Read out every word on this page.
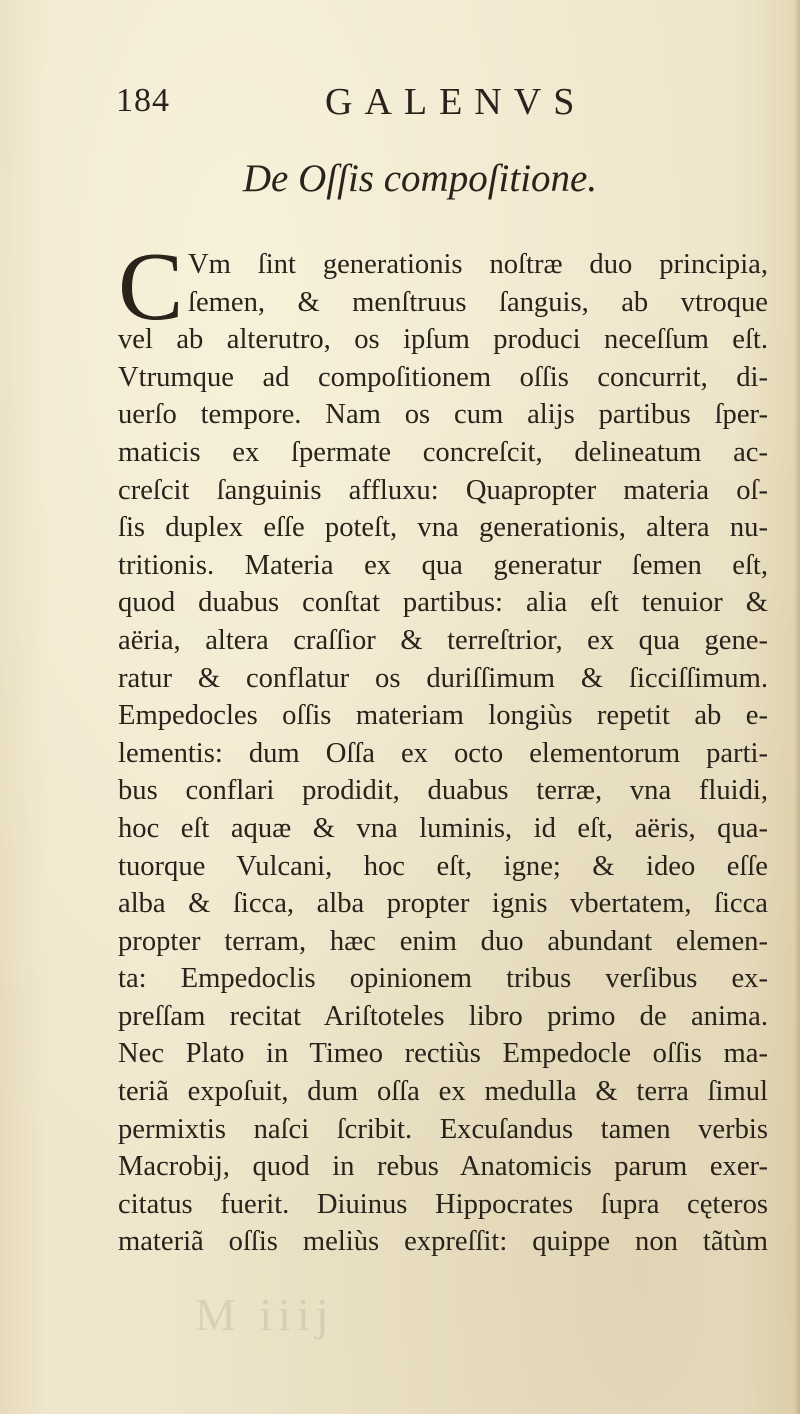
184	GALENVS
De Oſſis compoſitione.
C Vm ſint generationis noſtræ duo principia,
ſemen, & menſtruus ſanguis, ab vtroque
vel ab alterutro, os ipſum produci neceſſum eſt.
Vtrumque ad compoſitionem oſſis concurrit, di-
uerſo tempore. Nam os cum alijs partibus ſper-
maticis ex ſpermate concreſcit, delineatum ac-
creſcit ſanguinis affluxu: Quapropter materia oſ-
ſis duplex eſſe poteſt, vna generationis, altera nu-
tritionis. Materia ex qua generatur ſemen eſt,
quod duabus conſtat partibus: alia eſt tenuior &
aëria, altera craſſior & terreſtrior, ex qua gene-
ratur & conflatur os duriſſimum & ſicciſſimum.
Empedocles oſſis materiam longiùs repetit ab e-
lementis: dum Oſſa ex octo elementorum parti-
bus conflari prodidit, duabus terræ, vna fluidi,
hoc eſt aquæ & vna luminis, id eſt, aëris, qua-
tuorque Vulcani, hoc eſt, igne; & ideo eſſe
alba & ſicca, alba propter ignis vbertatem, ſicca
propter terram, hæc enim duo abundant elemen-
ta: Empedoclis opinionem tribus verſibus ex-
preſſam recitat Ariſtoteles libro primo de anima.
Nec Plato in Timeo rectiùs Empedocle oſſis ma-
teriã expoſuit, dum oſſa ex medulla & terra ſimul
permixtis naſci ſcribit. Excuſandus tamen verbis
Macrobij, quod in rebus Anatomicis parum exer-
citatus fuerit. Diuinus Hippocrates ſupra cęteros
materiã oſſis meliùs expreſſit: quippe non tãtùm
M iiij
